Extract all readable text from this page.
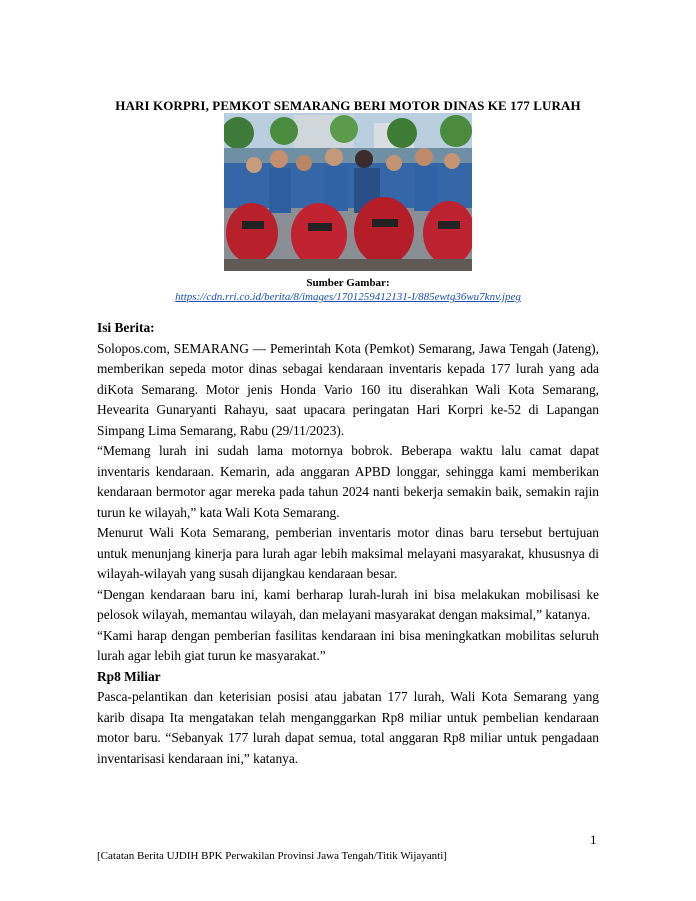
HARI KORPRI, PEMKOT SEMARANG BERI MOTOR DINAS KE 177 LURAH
Sumber Gambar:
https://cdn.rri.co.id/berita/8/images/1701259412131-I/885ewtg36wu7knv.jpeg
Isi Berita:

Solopos.com, SEMARANG — Pemerintah Kota (Pemkot) Semarang, Jawa Tengah (Jateng), memberikan sepeda motor dinas sebagai kendaraan inventaris kepada 177 lurah yang ada diKota Semarang. Motor jenis Honda Vario 160 itu diserahkan Wali Kota Semarang, Hevearita Gunaryanti Rahayu, saat upacara peringatan Hari Korpri ke-52 di Lapangan Simpang Lima Semarang, Rabu (29/11/2023).

“Memang lurah ini sudah lama motornya bobrok. Beberapa waktu lalu camat dapat inventaris kendaraan. Kemarin, ada anggaran APBD longgar, sehingga kami memberikan kendaraan bermotor agar mereka pada tahun 2024 nanti bekerja semakin baik, semakin rajin turun ke wilayah,” kata Wali Kota Semarang.

Menurut Wali Kota Semarang, pemberian inventaris motor dinas baru tersebut bertujuan untuk menunjang kinerja para lurah agar lebih maksimal melayani masyarakat, khususnya di wilayah-wilayah yang susah dijangkau kendaraan besar.

“Dengan kendaraan baru ini, kami berharap lurah-lurah ini bisa melakukan mobilisasi ke pelosok wilayah, memantau wilayah, dan melayani masyarakat dengan maksimal,” katanya.

“Kami harap dengan pemberian fasilitas kendaraan ini bisa meningkatkan mobilitas seluruh lurah agar lebih giat turun ke masyarakat.”

Rp8 Miliar

Pasca-pelantikan dan keterisian posisi atau jabatan 177 lurah, Wali Kota Semarang yang karib disapa Ita mengatakan telah menganggarkan Rp8 miliar untuk pembelian kendaraan motor baru. “Sebanyak 177 lurah dapat semua, total anggaran Rp8 miliar untuk pengadaan inventarisasi kendaraan ini,” katanya.

1
[Catatan Berita UJDIH BPK Perwakilan Provinsi Jawa Tengah/Titik Wijayanti]
